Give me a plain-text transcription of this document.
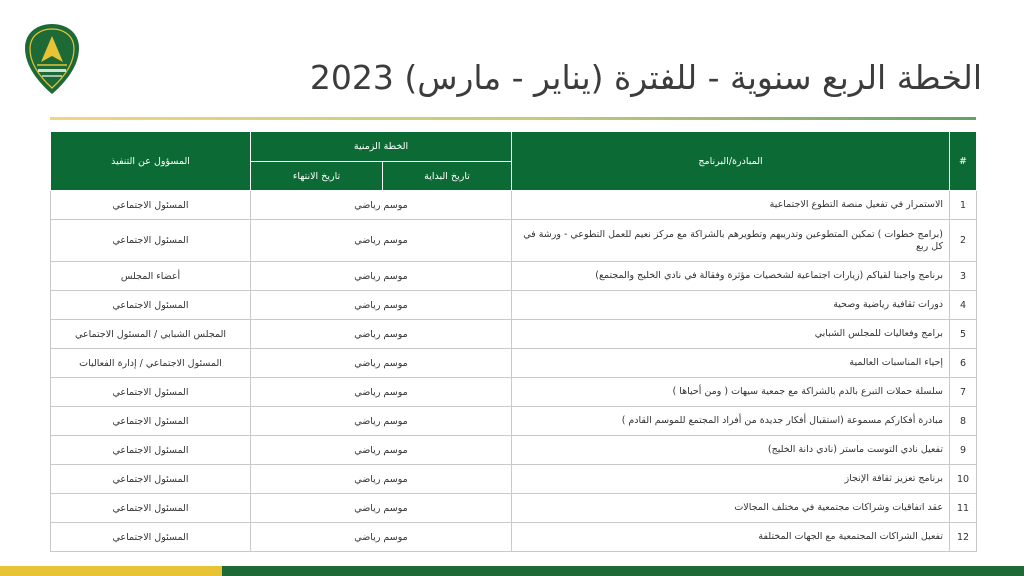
الخطة الربع سنوية - للفترة (يناير - مارس) 2023
#	المبادرة/البرنامج	الخطة الزمنية		المسؤول عن التنفيذ
		تاريخ البداية	تاريخ الانتهاء	
1	الاستمرار في تفعيل منصة التطوع الاجتماعية	موسم رياضي		المسئول الاجتماعي
2	(برامج خطوات ) تمكين المتطوعين وتدريبهم وتطويرهم بالشراكة مع مركز نعيم للعمل التطوعي - ورشة في كل ربع	موسم رياضي		المسئول الاجتماعي
3	برنامج واجبنا لقياكم (زيارات اجتماعية لشخصيات مؤثرة وفقالة في نادي الخليج والمجتمع)	موسم رياضي		أعضاء المجلس
4	دورات ثقافية رياضية وصحية	موسم رياضي		المسئول الاجتماعي
5	برامج وفعاليات للمجلس الشبابي	موسم رياضي		المجلس الشبابي / المسئول الاجتماعي
6	إحياء المناسبات العالمية	موسم رياضي		المسئول الاجتماعي / إدارة الفعاليات
7	سلسلة حملات التبرع بالدم بالشراكة مع جمعية سيهات ( ومن أحياها )	موسم رياضي		المسئول الاجتماعي
8	مبادرة أفكاركم مسموعة (استقبال أفكار جديدة من أفراد المجتمع للموسم القادم )	موسم رياضي		المسئول الاجتماعي
9	تفعيل نادي التوست ماستر (نادي دانة الخليج)	موسم رياضي		المسئول الاجتماعي
10	برنامج تعزيز ثقافة الإنجاز	موسم رياضي		المسئول الاجتماعي
11	عقد اتفاقيات وشراكات مجتمعية في مختلف المجالات	موسم رياضي		المسئول الاجتماعي
12	تفعيل الشراكات المجتمعية مع الجهات المختلفة	موسم رياضي		المسئول الاجتماعي
